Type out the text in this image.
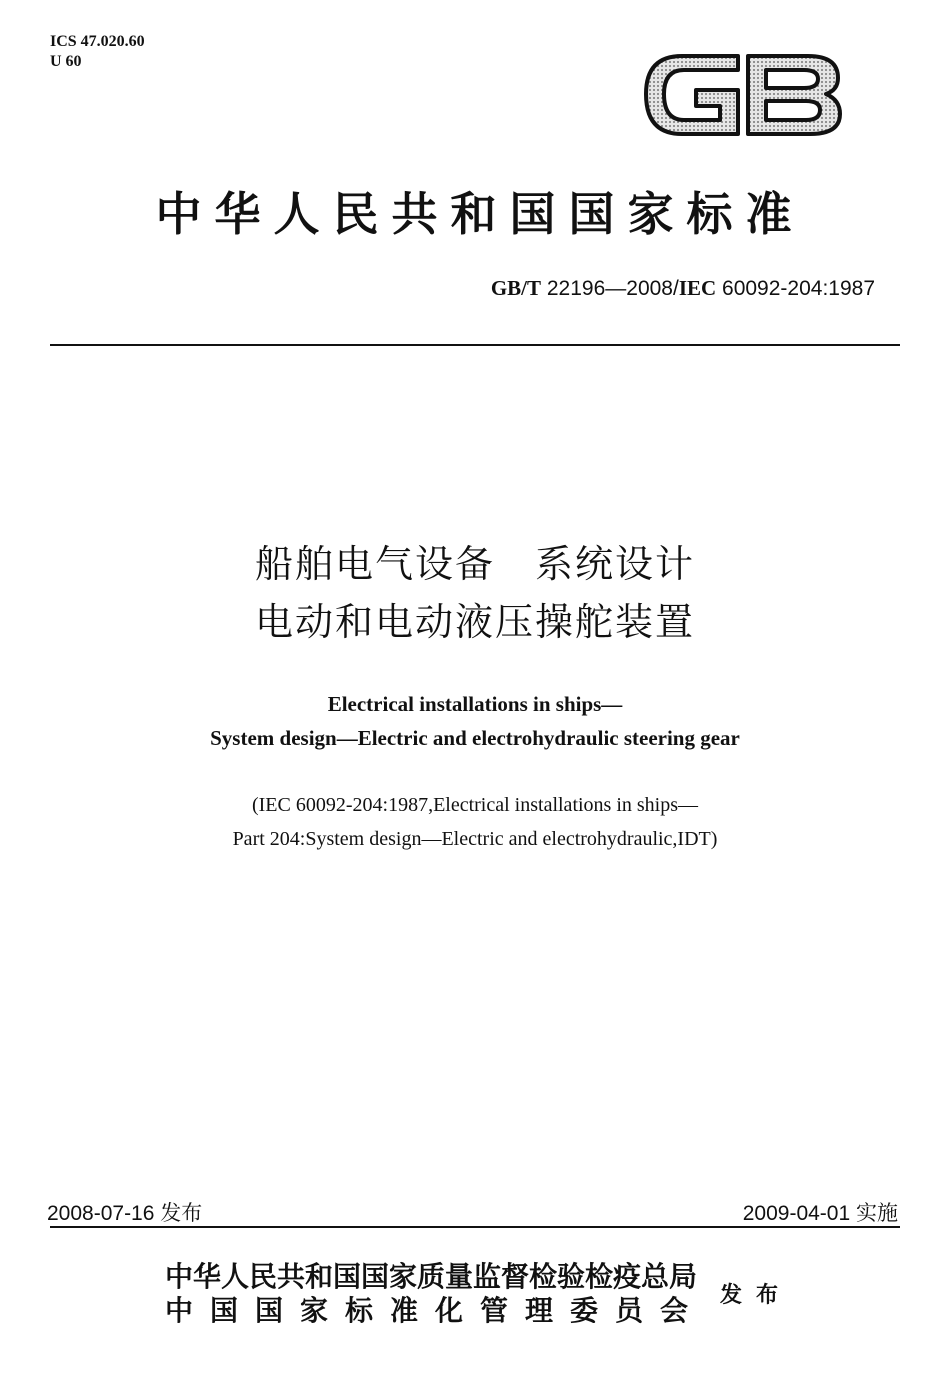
ICS 47.020.60
U 60
中华人民共和国国家标准
GB/T 22196—2008/IEC 60092-204:1987
船舶电气设备　系统设计
电动和电动液压操舵装置
Electrical installations in ships—
System design—Electric and electrohydraulic steering gear
(IEC 60092-204:1987,Electrical installations in ships—
Part 204:System design—Electric and electrohydraulic,IDT)
2008-07-16 发布	2009-04-01 实施
中华人民共和国国家质量监督检验检疫总局
中国国家标准化管理委员会 发布
